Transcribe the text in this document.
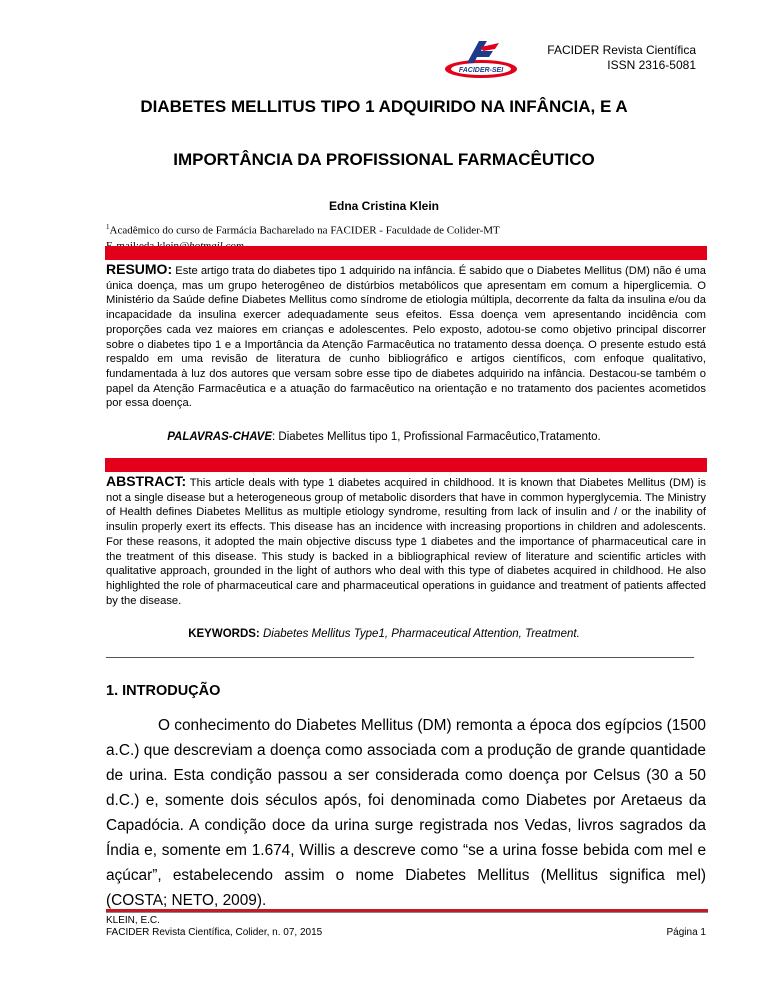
FACIDER-SEI
FACIDER Revista Científica
ISSN 2316-5081
DIABETES MELLITUS TIPO 1 ADQUIRIDO NA INFÂNCIA, E A
IMPORTÂNCIA DA PROFISSIONAL FARMACÊUTICO
Edna Cristina Klein
$^1$Acadêmico do curso de Farmácia Bacharelado na FACIDER - Faculdade de Colider-MT
RESUMO: Este artigo trata do diabetes tipo 1 adquirido na infância. É sabido que o Diabetes Mellitus (DM) não é uma única doença, mas um grupo heterogêneo de distúrbios metabólicos que apresentam em comum a hiperglicemia. O Ministério da Saúde define Diabetes Mellitus como síndrome de etiologia múltipla, decorrente da falta da insulina e/ou da incapacidade da insulina exercer adequadamente seus efeitos. Essa doença vem apresentando incidência com proporções cada vez maiores em crianças e adolescentes. Pelo exposto, adotou-se como objetivo principal discorrer sobre o diabetes tipo 1 e a Importância da Atenção Farmacêutica no tratamento dessa doença. O presente estudo está respaldo em uma revisão de literatura de cunho bibliográfico e artigos científicos, com enfoque qualitativo, fundamentada à luz dos autores que versam sobre esse tipo de diabetes adquirido na infância. Destacou-se também o papel da Atenção Farmacêutica e a atuação do farmacêutico na orientação e no tratamento dos pacientes acometidos por essa doença.
PALAVRAS-CHAVE: Diabetes Mellitus tipo 1, Profissional Farmacêutico,Tratamento.
ABSTRACT: This article deals with type 1 diabetes acquired in childhood. It is known that Diabetes Mellitus (DM) is not a single disease but a heterogeneous group of metabolic disorders that have in common hyperglycemia. The Ministry of Health defines Diabetes Mellitus as multiple etiology syndrome, resulting from lack of insulin and / or the inability of insulin properly exert its effects. This disease has an incidence with increasing proportions in children and adolescents. For these reasons, it adopted the main objective discuss type 1 diabetes and the importance of pharmaceutical care in the treatment of this disease. This study is backed in a bibliographical review of literature and scientific articles with qualitative approach, grounded in the light of authors who deal with this type of diabetes acquired in childhood. He also highlighted the role of pharmaceutical care and pharmaceutical operations in guidance and treatment of patients affected by the disease.
KEYWORDS: Diabetes Mellitus Type1, Pharmaceutical Attention, Treatment.
1. INTRODUÇÃO
O conhecimento do Diabetes Mellitus (DM) remonta a época dos egípcios (1500 a.C.) que descreviam a doença como associada com a produção de grande quantidade de urina. Esta condição passou a ser considerada como doença por Celsus (30 a 50 d.C.) e, somente dois séculos após, foi denominada como Diabetes por Aretaeus da Capadócia. A condição doce da urina surge registrada nos Vedas, livros sagrados da Índia e, somente em 1.674, Willis a descreve como “se a urina fosse bebida com mel e açúcar”, estabelecendo assim o nome Diabetes Mellitus (Mellitus significa mel) (COSTA; NETO, 2009).
KLEIN, E.C.
FACIDER Revista Científica, Colider, n. 07, 2015	Página 1
